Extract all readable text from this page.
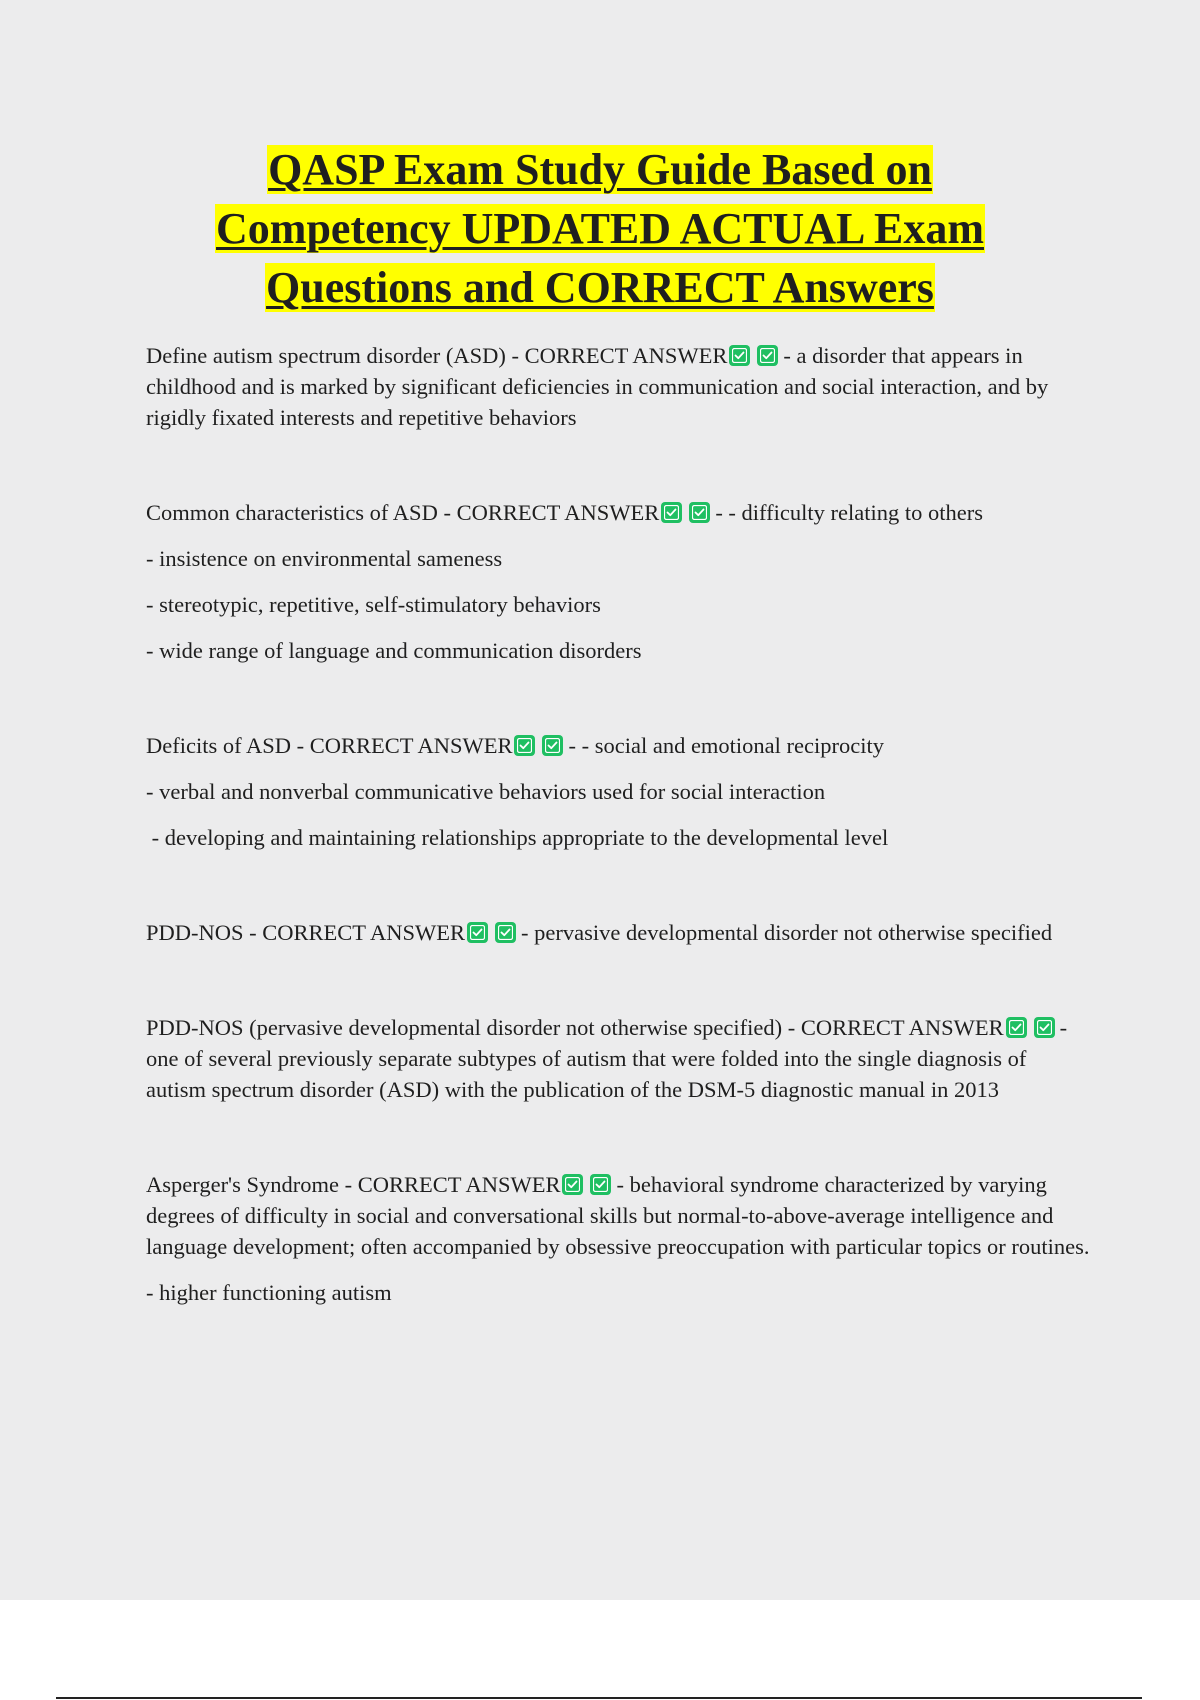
QASP Exam Study Guide Based on
Competency UPDATED ACTUAL Exam
Questions and CORRECT Answers

Define autism spectrum disorder (ASD) - CORRECT ANSWER - a disorder that appears in childhood and is marked by significant deficiencies in communication and social interaction, and by rigidly fixated interests and repetitive behaviors

Common characteristics of ASD - CORRECT ANSWER - - difficulty relating to others

- insistence on environmental sameness

- stereotypic, repetitive, self-stimulatory behaviors

- wide range of language and communication disorders

Deficits of ASD - CORRECT ANSWER - - social and emotional reciprocity

- verbal and nonverbal communicative behaviors used for social interaction

- developing and maintaining relationships appropriate to the developmental level

PDD-NOS - CORRECT ANSWER - pervasive developmental disorder not otherwise specified

PDD-NOS (pervasive developmental disorder not otherwise specified) - CORRECT ANSWER - one of several previously separate subtypes of autism that were folded into the single diagnosis of autism spectrum disorder (ASD) with the publication of the DSM-5 diagnostic manual in 2013

Asperger's Syndrome - CORRECT ANSWER - behavioral syndrome characterized by varying degrees of difficulty in social and conversational skills but normal-to-above-average intelligence and language development; often accompanied by obsessive preoccupation with particular topics or routines.

- higher functioning autism
